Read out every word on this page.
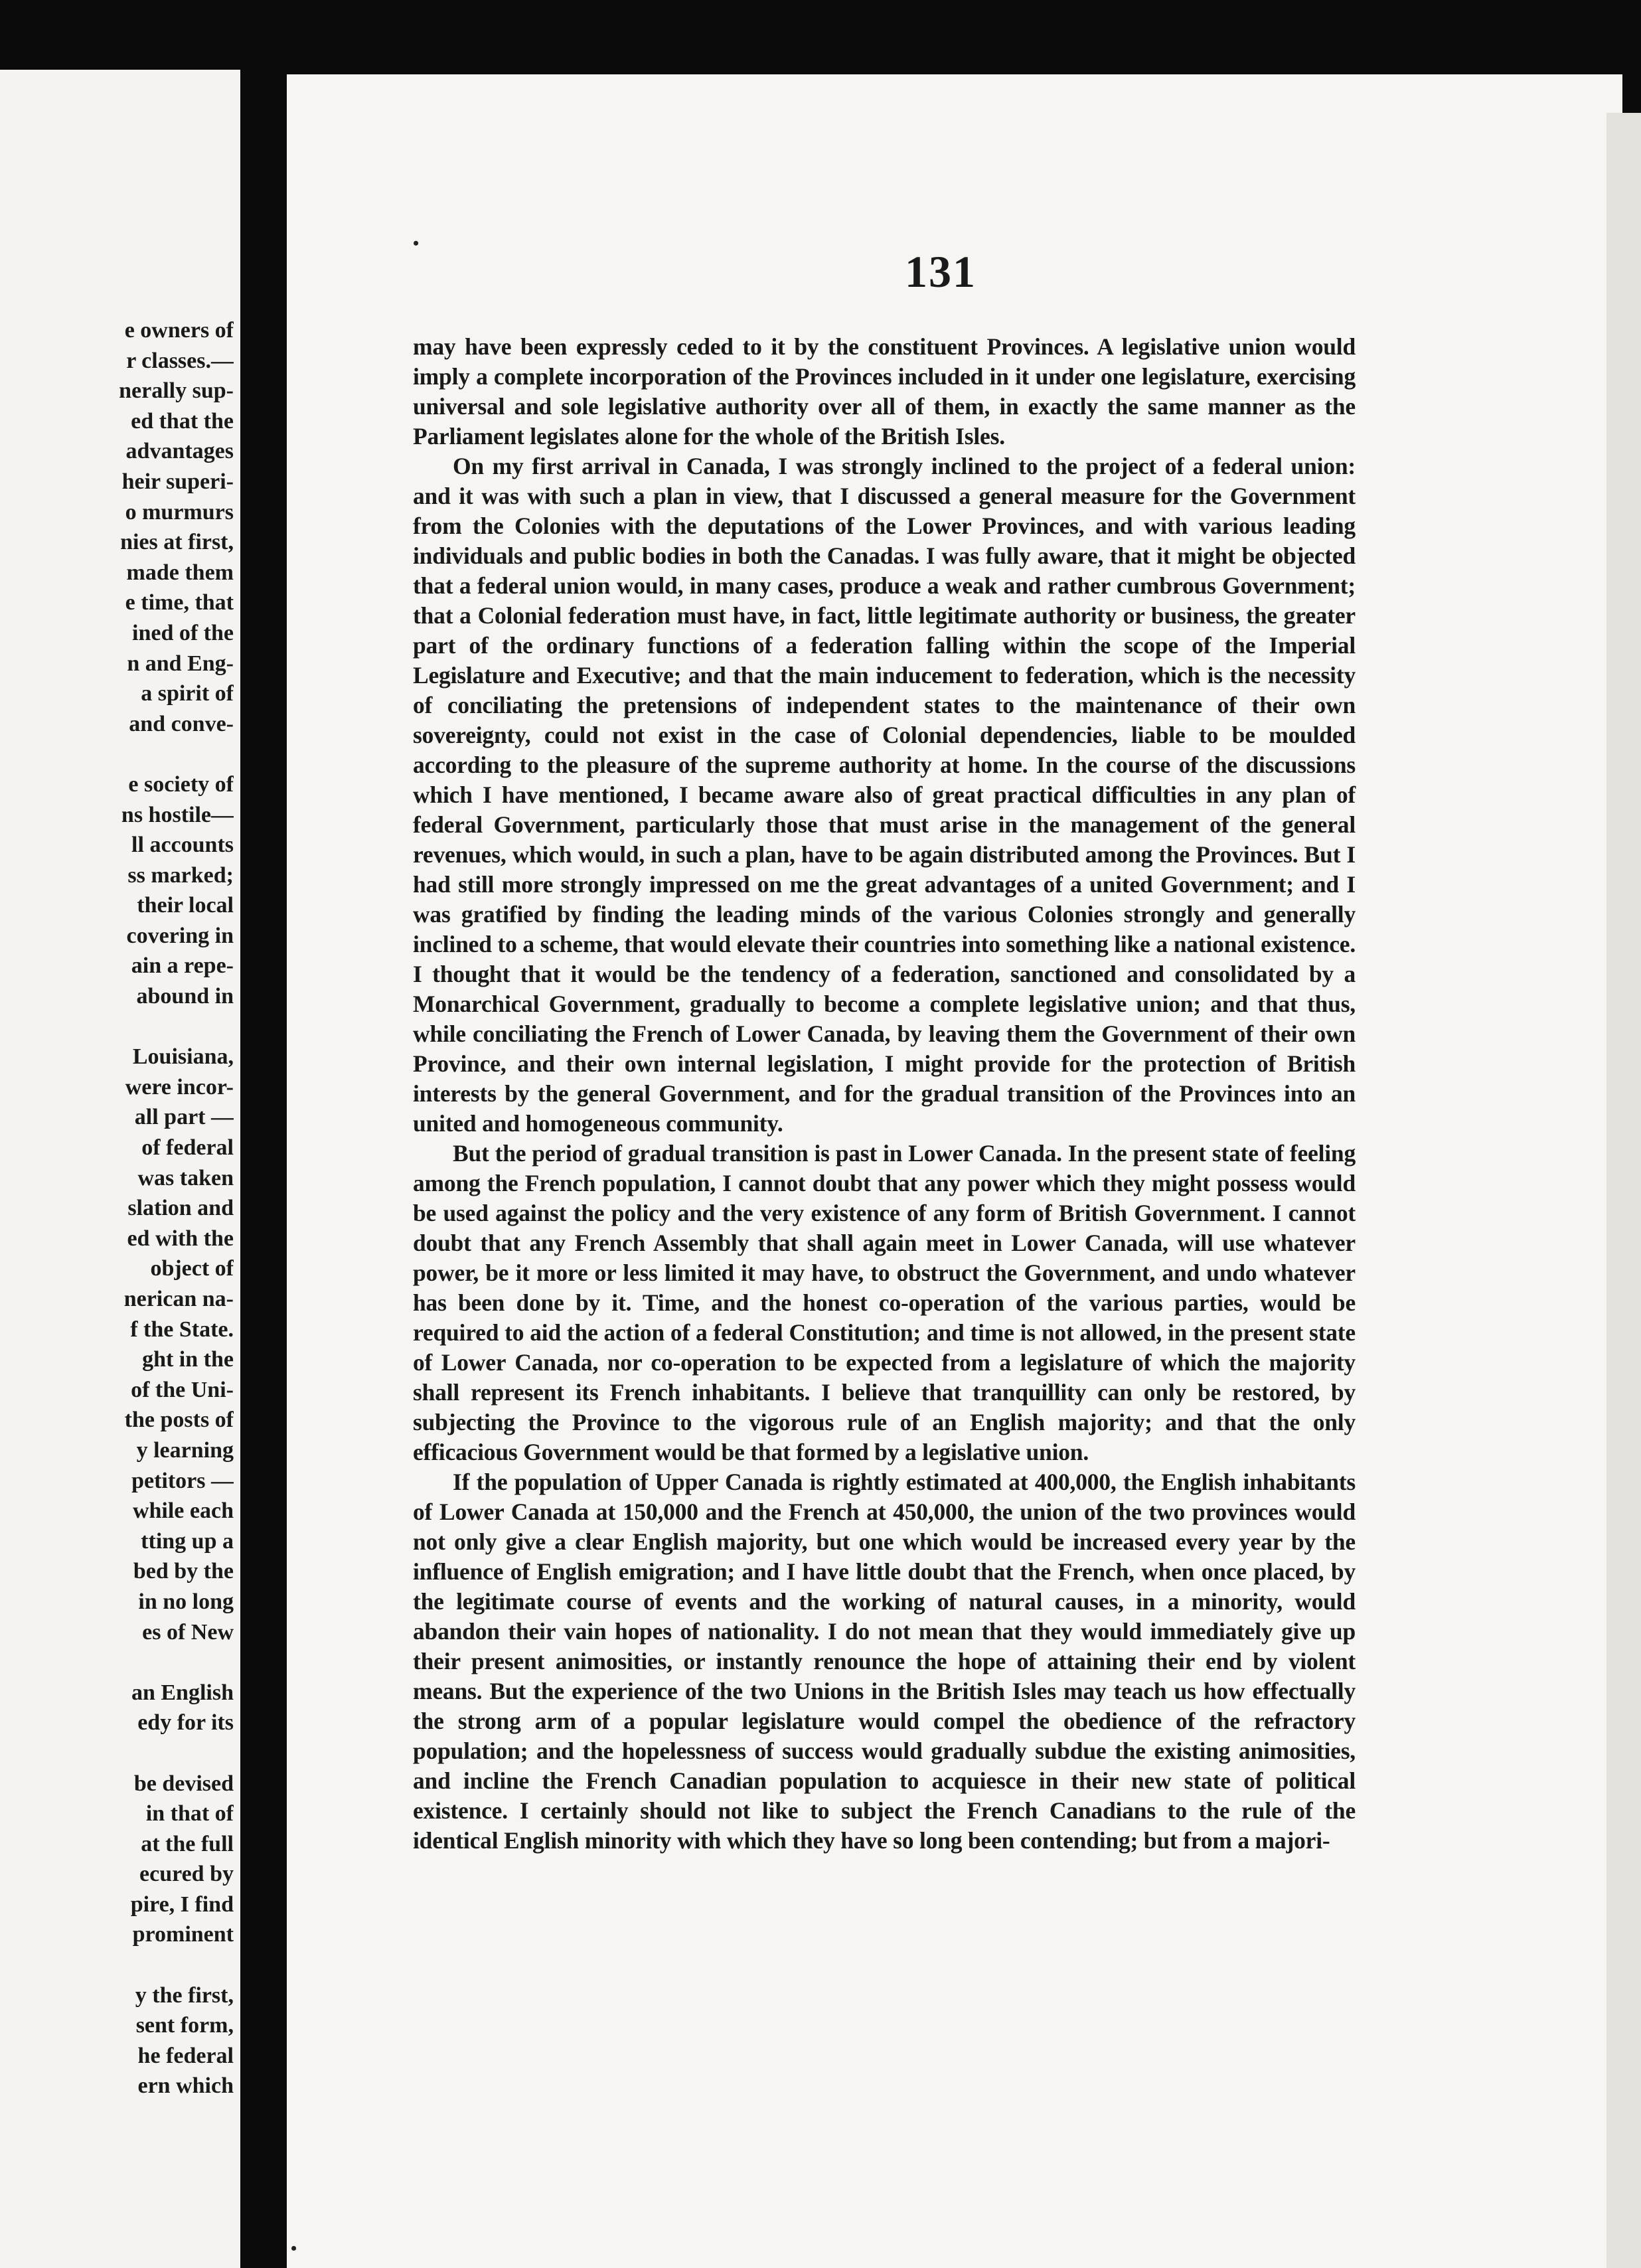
e owners of
r classes.—
nerally sup-
ed that the
advantages
heir superi-
o murmurs
nies at first,
made them
e time, that
ined of the
n and Eng-
a spirit of
and conve-
e society of
ns hostile—
ll accounts
ss marked;
their local
covering in
ain a repe-
abound in
Louisiana,
were incor-
all part —
of federal
was taken
slation and
ed with the
object of
nerican na-
f the State.
ght in the
of the Uni-
the posts of
y learning
petitors —
while each
tting up a
bed by the
in no long
es of New
an English
edy for its
be devised
in that of
at the full
ecured by
pire, I find
prominent
y the first,
sent form,
he federal
ern which
•
131

may have been expressly ceded to it by the constituent Provinces. A legislative union would imply a complete incorporation of the Provinces included in it under one legislature, exercising universal and sole legislative authority over all of them, in exactly the same manner as the Parliament legislates alone for the whole of the British Isles.

On my first arrival in Canada, I was strongly inclined to the project of a federal union: and it was with such a plan in view, that I discussed a general measure for the Government from the Colonies with the deputations of the Lower Provinces, and with various leading individuals and public bodies in both the Canadas. I was fully aware, that it might be objected that a federal union would, in many cases, produce a weak and rather cumbrous Government; that a Colonial federation must have, in fact, little legitimate authority or business, the greater part of the ordinary functions of a federation falling within the scope of the Imperial Legislature and Executive; and that the main inducement to federation, which is the necessity of conciliating the pretensions of independent states to the maintenance of their own sovereignty, could not exist in the case of Colonial dependencies, liable to be moulded according to the pleasure of the supreme authority at home. In the course of the discussions which I have mentioned, I became aware also of great practical difficulties in any plan of federal Government, particularly those that must arise in the management of the general revenues, which would, in such a plan, have to be again distributed among the Provinces. But I had still more strongly impressed on me the great advantages of a united Government; and I was gratified by finding the leading minds of the various Colonies strongly and generally inclined to a scheme, that would elevate their countries into something like a national existence. I thought that it would be the tendency of a federation, sanctioned and consolidated by a Monarchical Government, gradually to become a complete legislative union; and that thus, while conciliating the French of Lower Canada, by leaving them the Government of their own Province, and their own internal legislation, I might provide for the protection of British interests by the general Government, and for the gradual transition of the Provinces into an united and homogeneous community.

But the period of gradual transition is past in Lower Canada. In the present state of feeling among the French population, I cannot doubt that any power which they might possess would be used against the policy and the very existence of any form of British Government. I cannot doubt that any French Assembly that shall again meet in Lower Canada, will use whatever power, be it more or less limited it may have, to obstruct the Government, and undo whatever has been done by it. Time, and the honest co-operation of the various parties, would be required to aid the action of a federal Constitution; and time is not allowed, in the present state of Lower Canada, nor co-operation to be expected from a legislature of which the majority shall represent its French inhabitants. I believe that tranquillity can only be restored, by subjecting the Province to the vigorous rule of an English majority; and that the only efficacious Government would be that formed by a legislative union.

If the population of Upper Canada is rightly estimated at 400,000, the English inhabitants of Lower Canada at 150,000 and the French at 450,000, the union of the two provinces would not only give a clear English majority, but one which would be increased every year by the influence of English emigration; and I have little doubt that the French, when once placed, by the legitimate course of events and the working of natural causes, in a minority, would abandon their vain hopes of nationality. I do not mean that they would immediately give up their present animosities, or instantly renounce the hope of attaining their end by violent means. But the experience of the two Unions in the British Isles may teach us how effectually the strong arm of a popular legislature would compel the obedience of the refractory population; and the hopelessness of success would gradually subdue the existing animosities, and incline the French Canadian population to acquiesce in their new state of political existence. I certainly should not like to subject the French Canadians to the rule of the identical English minority with which they have so long been contending; but from a majori-

•
